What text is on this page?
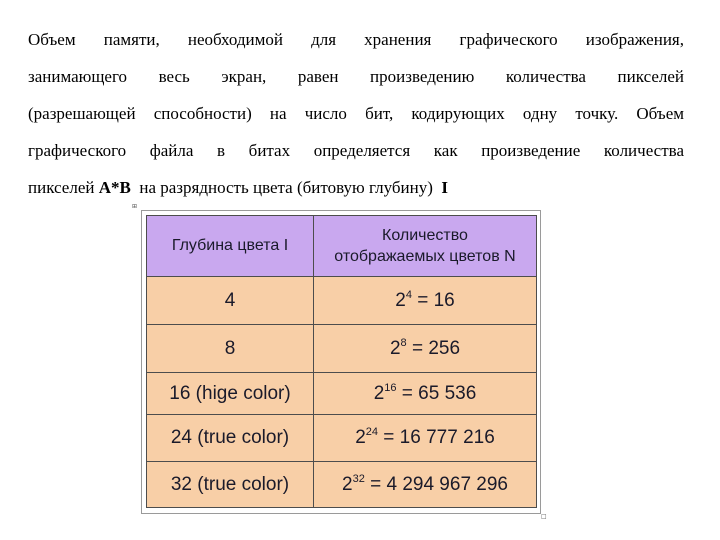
Объем памяти, необходимой для хранения графического изображения,
занимающего весь экран, равен произведению количества пикселей
(разрешающей способности) на число бит, кодирующих одну точку. Объем
графического файла в битах определяется как произведение количества
пикселей A*B  на разрядность цвета (битовую глубину)  I
⊞
□
Глубина цвета I	Количество
отображаемых цветов N
4	$2^4 = 16$
8	$2^8 = 256$
16 (hige color)	$2^{16} = 65$ 536
24 (true color)	$2^{24} = 16$ 777 216
32 (true color)	$2^{32} = 4$ 294 967 296
